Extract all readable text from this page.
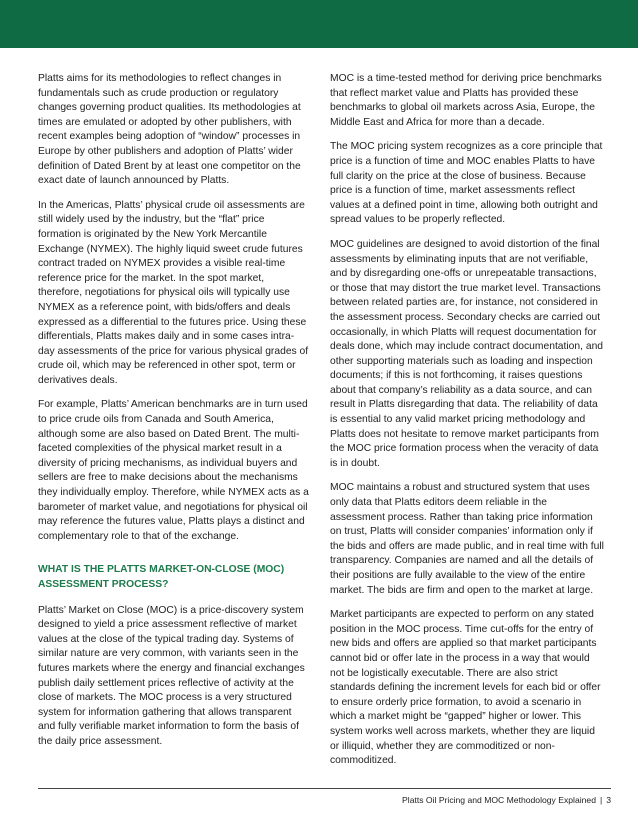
Platts aims for its methodologies to reflect changes in fundamentals such as crude production or regulatory changes governing product qualities. Its methodologies at times are emulated or adopted by other publishers, with recent examples being adoption of “window” processes in Europe by other publishers and adoption of Platts’ wider definition of Dated Brent by at least one competitor on the exact date of launch announced by Platts.

In the Americas, Platts’ physical crude oil assessments are still widely used by the industry, but the “flat” price formation is originated by the New York Mercantile Exchange (NYMEX). The highly liquid sweet crude futures contract traded on NYMEX provides a visible real-time reference price for the market. In the spot market, therefore, negotiations for physical oils will typically use NYMEX as a reference point, with bids/offers and deals expressed as a differential to the futures price. Using these differentials, Platts makes daily and in some cases intra-day assessments of the price for various physical grades of crude oil, which may be referenced in other spot, term or derivatives deals.

For example, Platts’ American benchmarks are in turn used to price crude oils from Canada and South America, although some are also based on Dated Brent. The multi-faceted complexities of the physical market result in a diversity of pricing mechanisms, as individual buyers and sellers are free to make decisions about the mechanisms they individually employ. Therefore, while NYMEX acts as a barometer of market value, and negotiations for physical oil may reference the futures value, Platts plays a distinct and complementary role to that of the exchange.

WHAT IS THE PLATTS MARKET-ON-CLOSE (MOC) ASSESSMENT PROCESS?

Platts’ Market on Close (MOC) is a price-discovery system designed to yield a price assessment reflective of market values at the close of the typical trading day. Systems of similar nature are very common, with variants seen in the futures markets where the energy and financial exchanges publish daily settlement prices reflective of activity at the close of markets. The MOC process is a very structured system for information gathering that allows transparent and fully verifiable market information to form the basis of the daily price assessment.

MOC is a time-tested method for deriving price benchmarks that reflect market value and Platts has provided these benchmarks to global oil markets across Asia, Europe, the Middle East and Africa for more than a decade.

The MOC pricing system recognizes as a core principle that price is a function of time and MOC enables Platts to have full clarity on the price at the close of business. Because price is a function of time, market assessments reflect values at a defined point in time, allowing both outright and spread values to be properly reflected.

MOC guidelines are designed to avoid distortion of the final assessments by eliminating inputs that are not verifiable, and by disregarding one-offs or unrepeatable transactions, or those that may distort the true market level. Transactions between related parties are, for instance, not considered in the assessment process. Secondary checks are carried out occasionally, in which Platts will request documentation for deals done, which may include contract documentation, and other supporting materials such as loading and inspection documents; if this is not forthcoming, it raises questions about that company’s reliability as a data source, and can result in Platts disregarding that data. The reliability of data is essential to any valid market pricing methodology and Platts does not hesitate to remove market participants from the MOC price formation process when the veracity of data is in doubt.

MOC maintains a robust and structured system that uses only data that Platts editors deem reliable in the assessment process. Rather than taking price information on trust, Platts will consider companies’ information only if the bids and offers are made public, and in real time with full transparency. Companies are named and all the details of their positions are fully available to the view of the entire market. The bids are firm and open to the market at large.

Market participants are expected to perform on any stated position in the MOC process. Time cut-offs for the entry of new bids and offers are applied so that market participants cannot bid or offer late in the process in a way that would not be logistically executable. There are also strict standards defining the increment levels for each bid or offer to ensure orderly price formation, to avoid a scenario in which a market might be “gapped” higher or lower. This system works well across markets, whether they are liquid or illiquid, whether they are commoditized or non-commoditized.

Platts Oil Pricing and MOC Methodology Explained | 3
